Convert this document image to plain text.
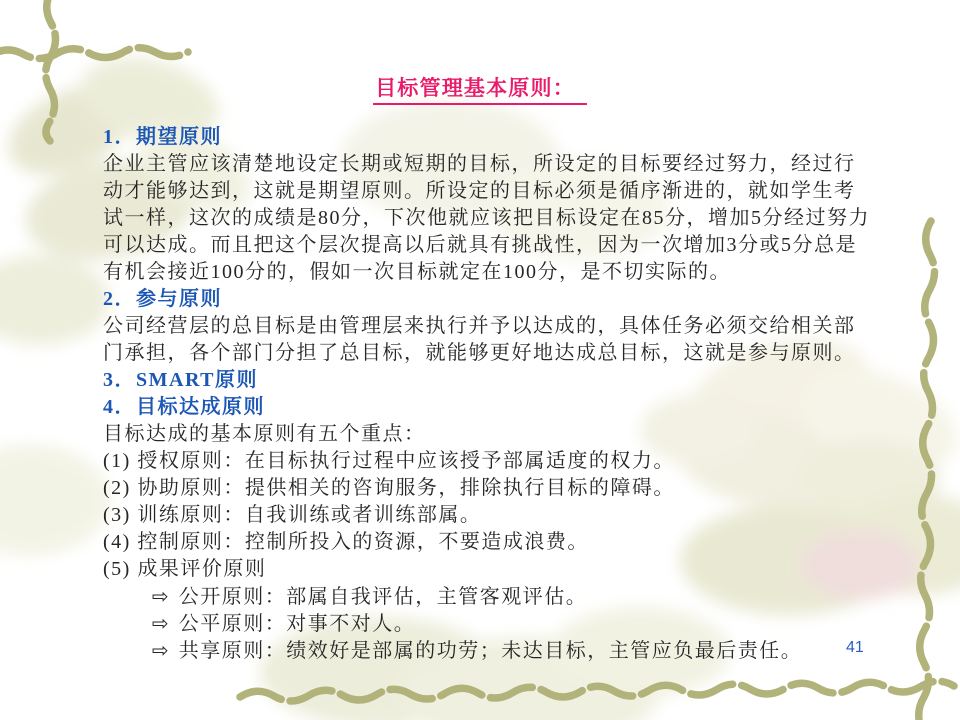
目标管理基本原则：
1．期望原则
企业主管应该清楚地设定长期或短期的目标，所设定的目标要经过努力，经过行
动才能够达到，这就是期望原则。所设定的目标必须是循序渐进的，就如学生考
试一样，这次的成绩是80分，下次他就应该把目标设定在85分，增加5分经过努力
可以达成。而且把这个层次提高以后就具有挑战性，因为一次增加3分或5分总是
有机会接近100分的，假如一次目标就定在100分，是不切实际的。
2．参与原则
公司经营层的总目标是由管理层来执行并予以达成的，具体任务必须交给相关部
门承担，各个部门分担了总目标，就能够更好地达成总目标，这就是参与原则。
3．SMART原则
4．目标达成原则
目标达成的基本原则有五个重点：
(1) 授权原则：在目标执行过程中应该授予部属适度的权力。
(2) 协助原则：提供相关的咨询服务，排除执行目标的障碍。
(3) 训练原则：自我训练或者训练部属。
(4) 控制原则：控制所投入的资源，不要造成浪费。
(5) 成果评价原则
⇨ 公开原则：部属自我评估，主管客观评估。
⇨ 公平原则：对事不对人。
⇨ 共享原则：绩效好是部属的功劳；未达目标，主管应负最后责任。	41
